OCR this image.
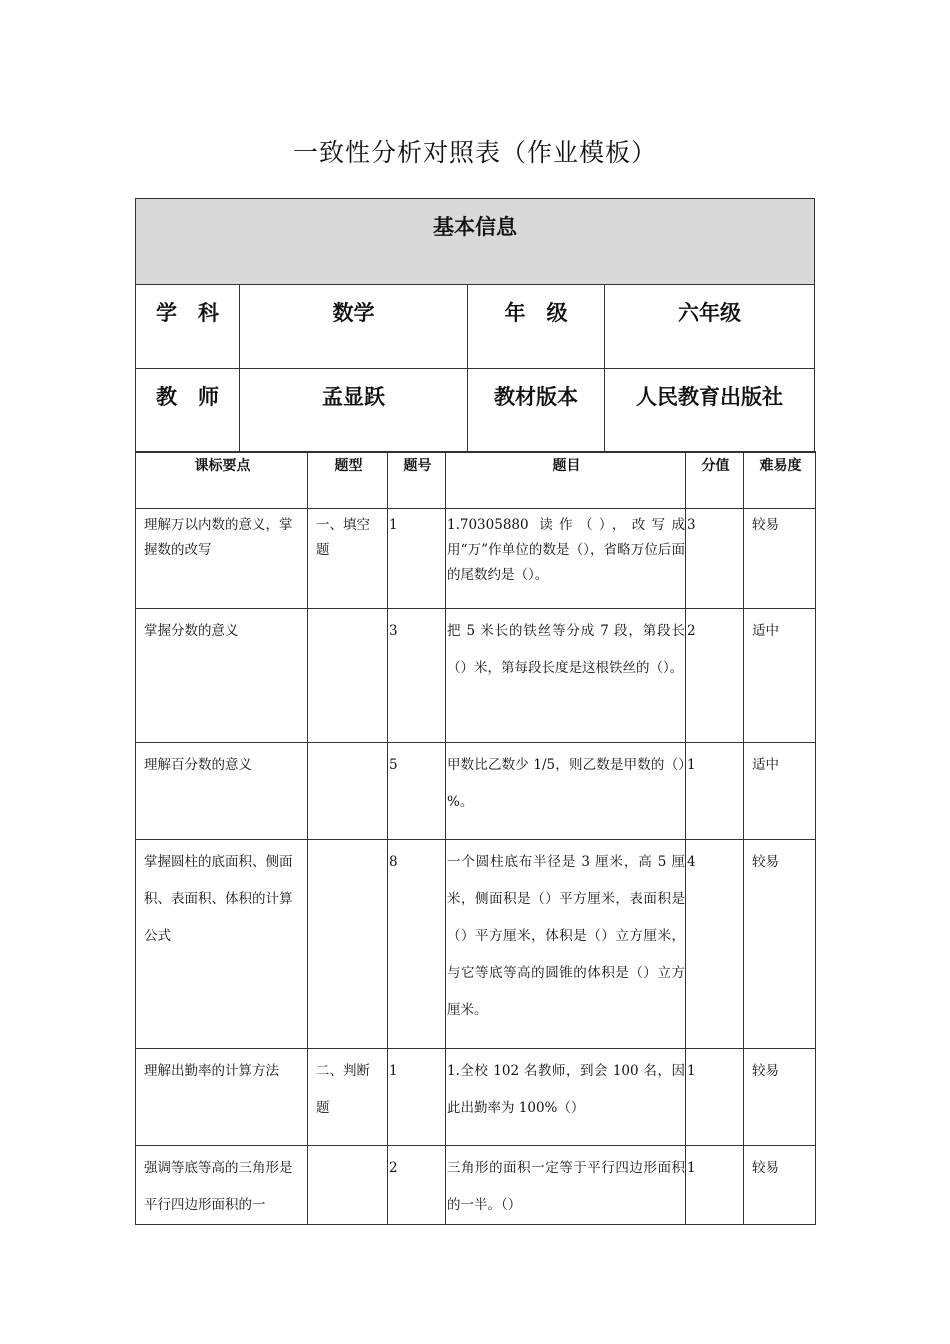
一致性分析对照表（作业模板）
基本信息			
学　科	数学	年　级	六年级
教　师	孟显跃	教材版本	人民教育出版社
课标要点	题型	题号	题目	分值	难易度
理解万以内数的意义，掌握数的改写	一、填空题	1	1.70305880 读作（），改写成用“万”作单位的数是（），省略万位后面的尾数约是（）。	3	较易
掌握分数的意义		3	把 5 米长的铁丝等分成 7 段，第段长（）米，第每段长度是这根铁丝的（）。	2	适中
理解百分数的意义		5	甲数比乙数少 1/5，则乙数是甲数的（）%。	1	适中
掌握圆柱的底面积、侧面积、表面积、体积的计算公式		8	一个圆柱底布半径是 3 厘米，高 5 厘米，侧面积是（）平方厘米，表面积是（）平方厘米，体积是（）立方厘米，与它等底等高的圆锥的体积是（）立方厘米。	4	较易
理解出勤率的计算方法	二、判断题	1	1.全校 102 名教师，到会 100 名，因此出勤率为 100%（）	1	较易
强调等底等高的三角形是平行四边形面积的一		2	三角形的面积一定等于平行四边形面积的一半。（）	1	较易
